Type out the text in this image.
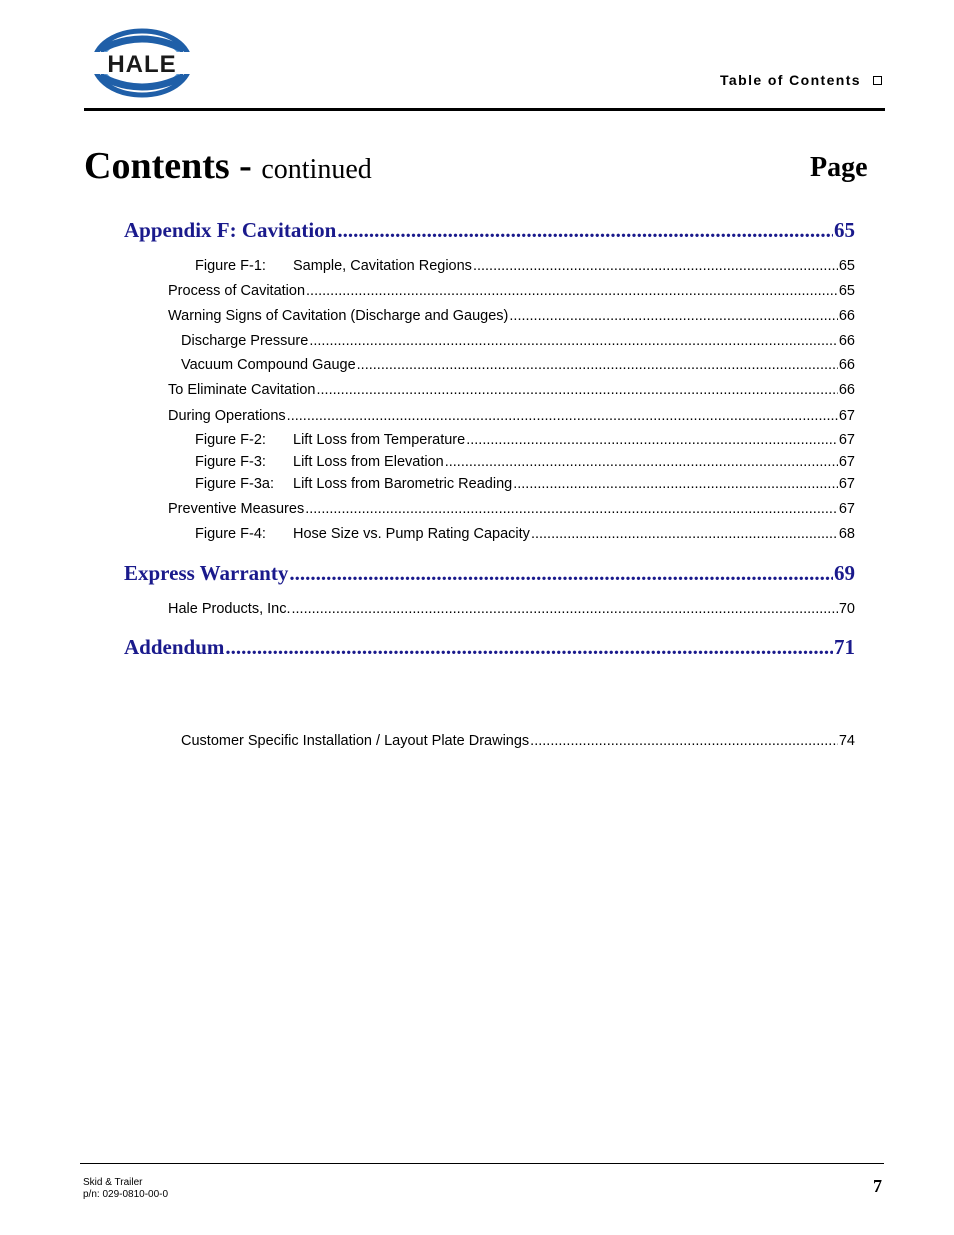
HALE
Table of Contents
Contents - continued	Page
Appendix F: Cavitation .....	65
Figure F-1: Sample, Cavitation Regions .....	65
Process of Cavitation .....	65
Warning Signs of Cavitation (Discharge and Gauges) .....	66
Discharge Pressure .....	66
Vacuum Compound Gauge .....	66
To Eliminate Cavitation .....	66
During Operations .....	67
Figure F-2: Lift Loss from Temperature .....	67
Figure F-3: Lift Loss from Elevation .....	67
Figure F-3a: Lift Loss from Barometric Reading .....	67
Preventive Measures .....	67
Figure F-4: Hose Size vs. Pump Rating Capacity .....	68
Express Warranty .....	69
Hale Products, Inc. .....	70
Addendum .....	71
Customer Specific Installation / Layout Plate Drawings .....	74
Skid & Trailer
p/n: 029-0810-00-0	7
